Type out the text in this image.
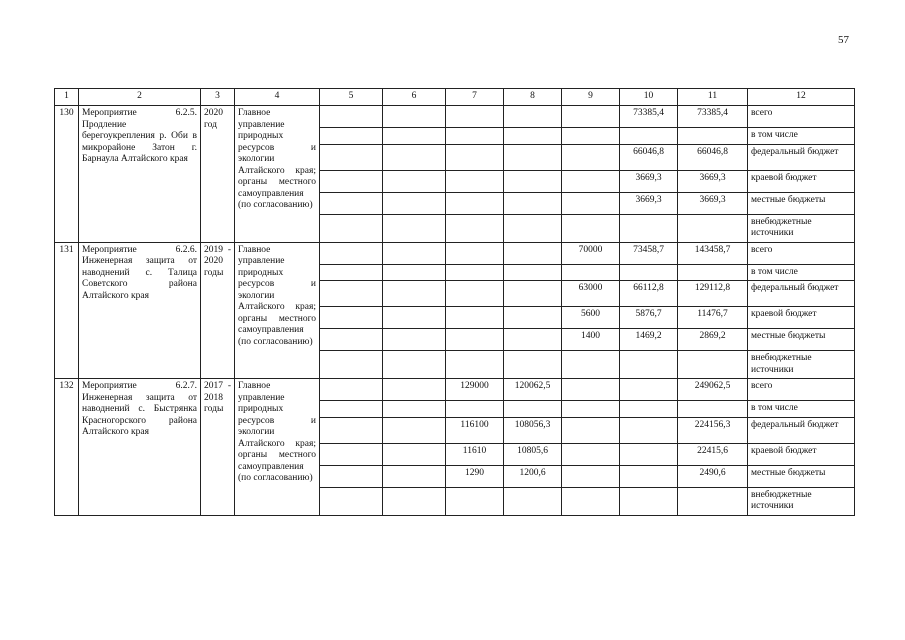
57
1	2	3	4	5	6	7	8	9	10	11	12
130	Мероприятие 6.2.5. Продление берегоукрепления р. Оби в микрорайоне Затон г. Барнаула Алтайского края	2020 год	Главное управление природных ресурсов и экологии Алтайского края; органы местного самоуправления (по согласованию)						73385,4	73385,4	всего
											в том числе
									66046,8	66046,8	федеральный бюджет
									3669,3	3669,3	краевой бюджет
									3669,3	3669,3	местные бюджеты
											внебюджетные источники
131	Мероприятие 6.2.6. Инженерная защита от наводнений с. Талица Советского района Алтайского края	2019 - 2020 годы	Главное управление природных ресурсов и экологии Алтайского края; органы местного самоуправления (по согласованию)					70000	73458,7	143458,7	всего
											в том числе
								63000	66112,8	129112,8	федеральный бюджет
								5600	5876,7	11476,7	краевой бюджет
								1400	1469,2	2869,2	местные бюджеты
											внебюджетные источники
132	Мероприятие 6.2.7. Инженерная защита от наводнений с. Быстрянка Красногорского района Алтайского края	2017 - 2018 годы	Главное управление природных ресурсов и экологии Алтайского края; органы местного самоуправления (по согласованию)			129000	120062,5			249062,5	всего
											в том числе
						116100	108056,3			224156,3	федеральный бюджет
						11610	10805,6			22415,6	краевой бюджет
						1290	1200,6			2490,6	местные бюджеты
											внебюджетные источники
